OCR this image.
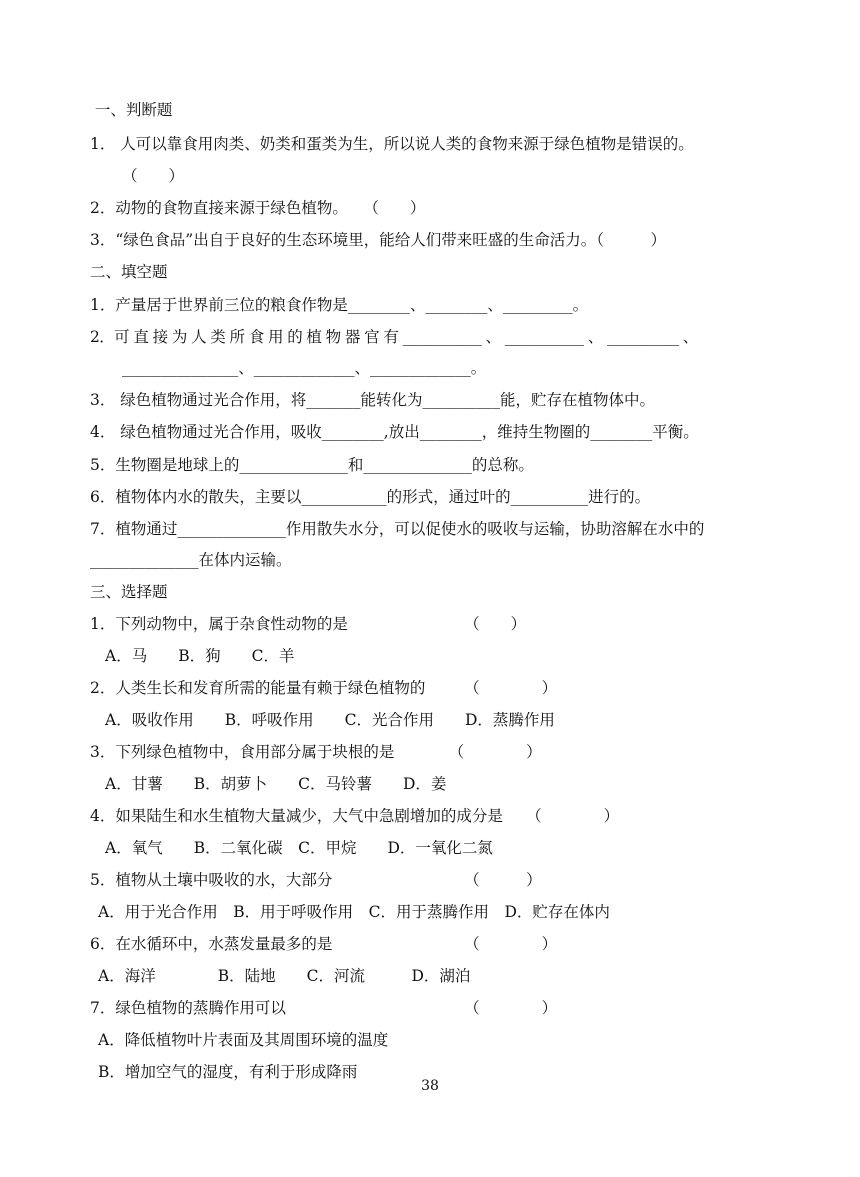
一、判断题
1． 人可以靠食用肉类、奶类和蛋类为生，所以说人类的食物来源于绿色植物是错误的。
（　　）
2．动物的食物直接来源于绿色植物。　　（　　）
3．“绿色食品”出自于良好的生态环境里，能给人们带来旺盛的生命活力。（　　　）
二、填空题
1．产量居于世界前三位的粮食作物是________、________、_________。
2．可 直 接 为 人 类 所 食 用 的 植 物 器 官 有 ___________ 、 ___________ 、 __________ 、
_______________、_____________、_____________。
3． 绿色植物通过光合作用，将_______能转化为__________能，贮存在植物体中。
4． 绿色植物通过光合作用，吸收________,放出________，维持生物圈的________平衡。
5．生物圈是地球上的______________和______________的总称。
6．植物体内水的散失，主要以___________的形式，通过叶的__________进行的。
7．植物通过______________作用散失水分，可以促使水的吸收与运输，协助溶解在水中的
______________在体内运输。
三、选择题
1．下列动物中，属于杂食性动物的是　　　　　　　　（　　）
A．马　　B．狗　　C．羊
2．人类生长和发育所需的能量有赖于绿色植物的　　　（　　　　）
A．吸收作用　　B．呼吸作用　　C．光合作用　　D．蒸腾作用
3．下列绿色植物中，食用部分属于块根的是　　　　（　　　　）
A．甘薯　　B．胡萝卜　　C．马铃薯　　D．姜
4．如果陆生和水生植物大量减少，大气中急剧增加的成分是　　（　　　　）
A．氧气　　B．二氧化碳　C．甲烷　　D．一氧化二氮
5．植物从土壤中吸收的水，大部分　　　　　　　　　（　　　）
A．用于光合作用　B．用于呼吸作用　C．用于蒸腾作用　D．贮存在体内
6．在水循环中，水蒸发量最多的是　　　　　　　　　（　　　　）
A．海洋　　　　B．陆地　　C．河流　　　D．湖泊
7．绿色植物的蒸腾作用可以　　　　　　　　　　　　（　　　　）
A．降低植物叶片表面及其周围环境的温度
B．增加空气的湿度，有利于形成降雨
38
